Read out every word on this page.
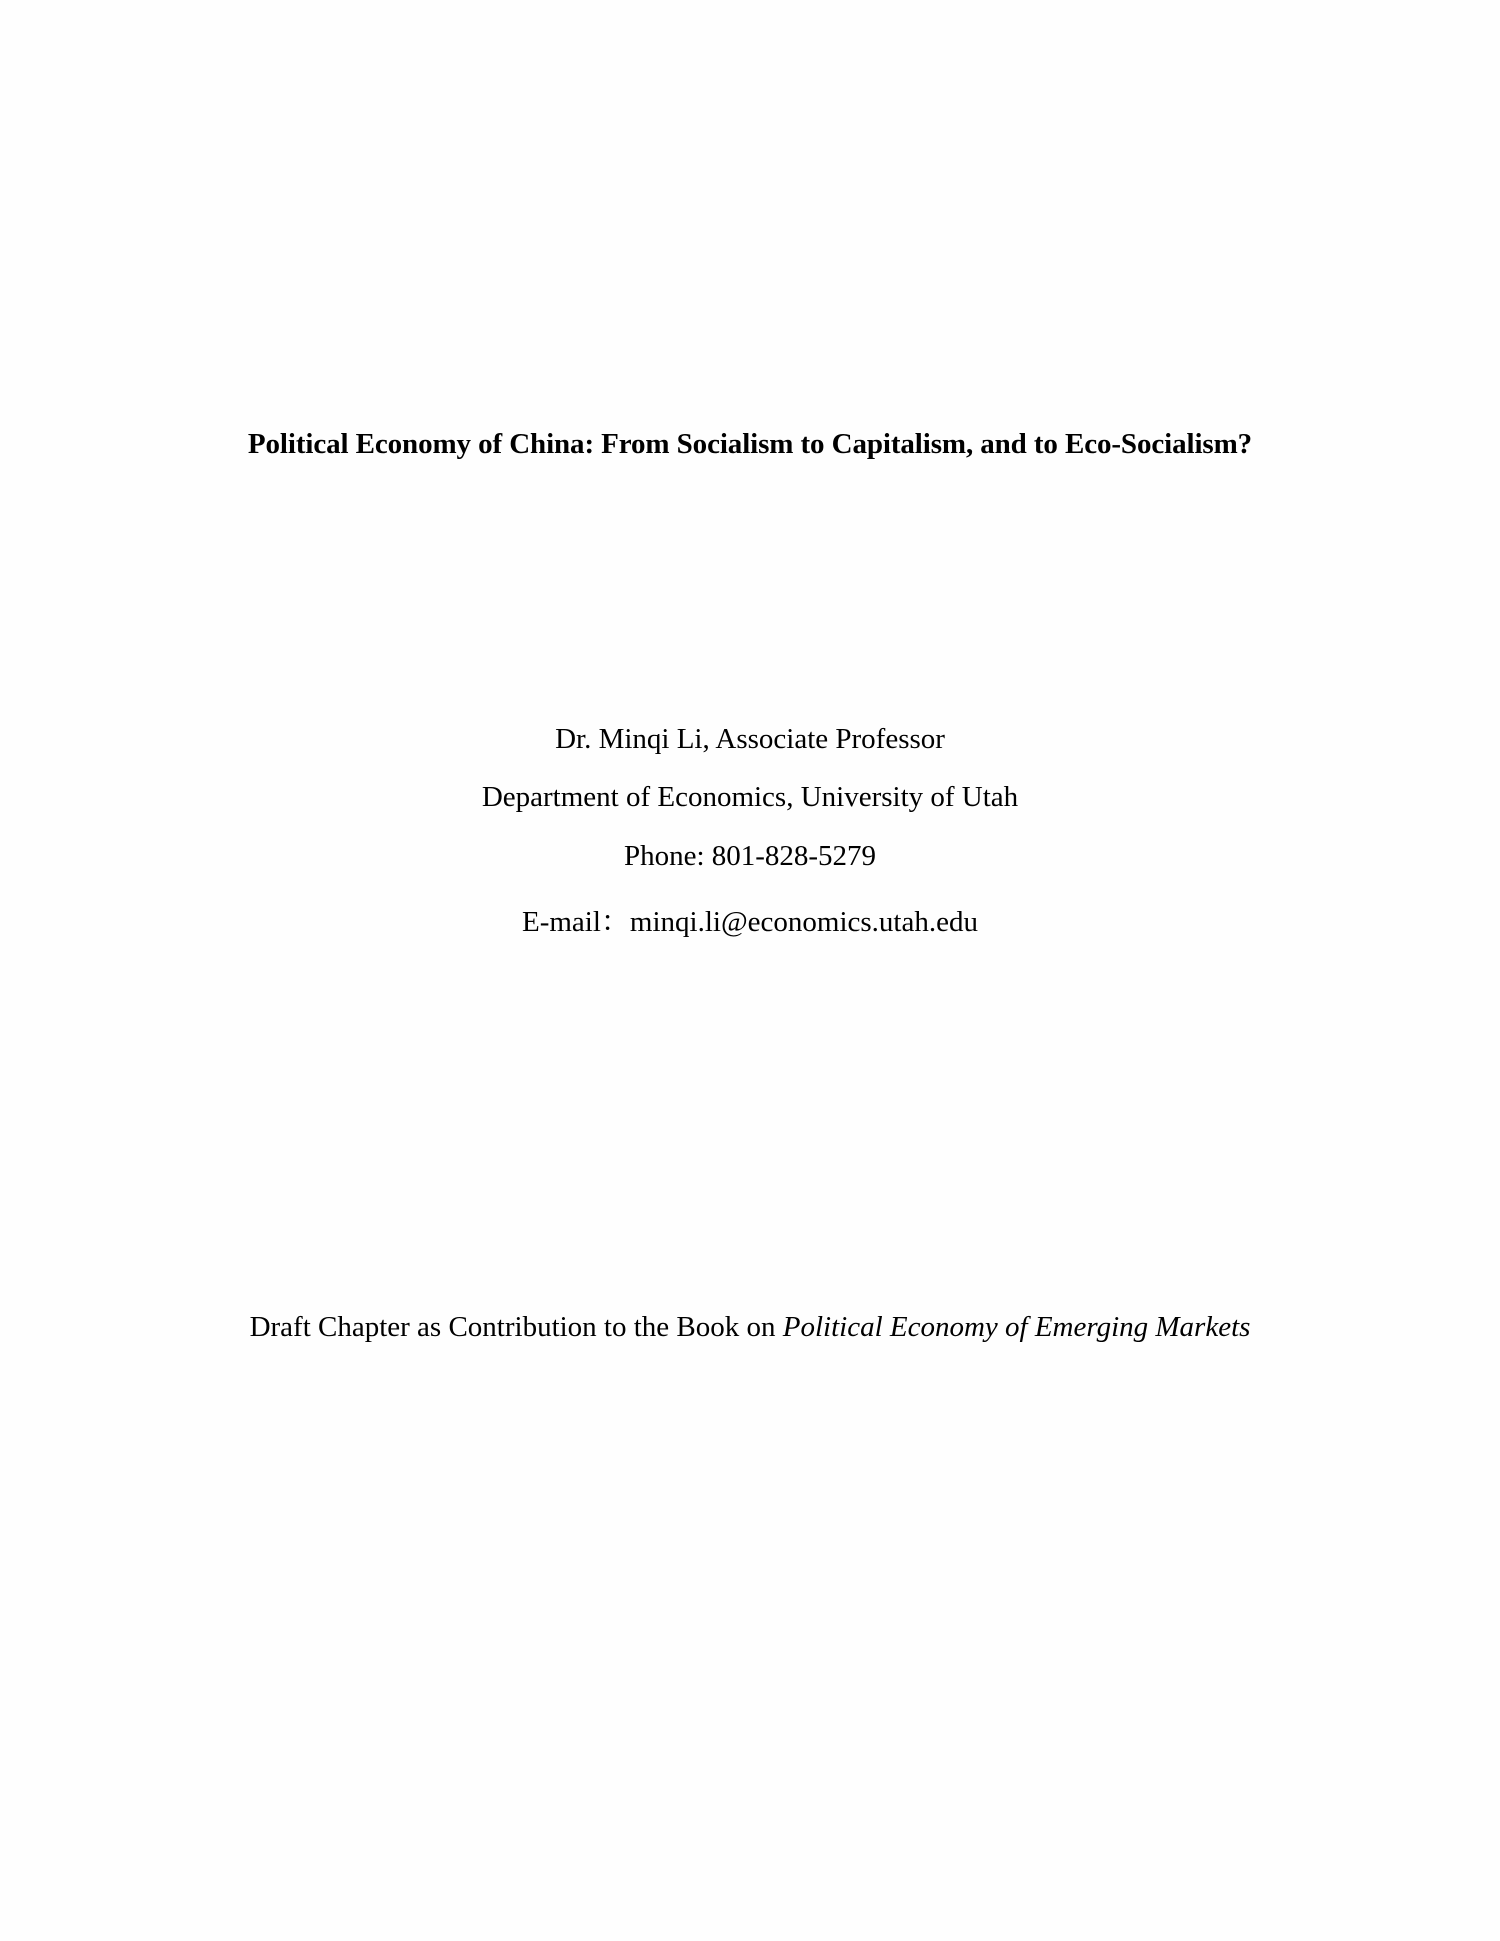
Political Economy of China: From Socialism to Capitalism, and to Eco-Socialism?
Dr. Minqi Li, Associate Professor
Department of Economics, University of Utah
Phone: 801-828-5279
E-mail：minqi.li@economics.utah.edu
Draft Chapter as Contribution to the Book on Political Economy of Emerging Markets
